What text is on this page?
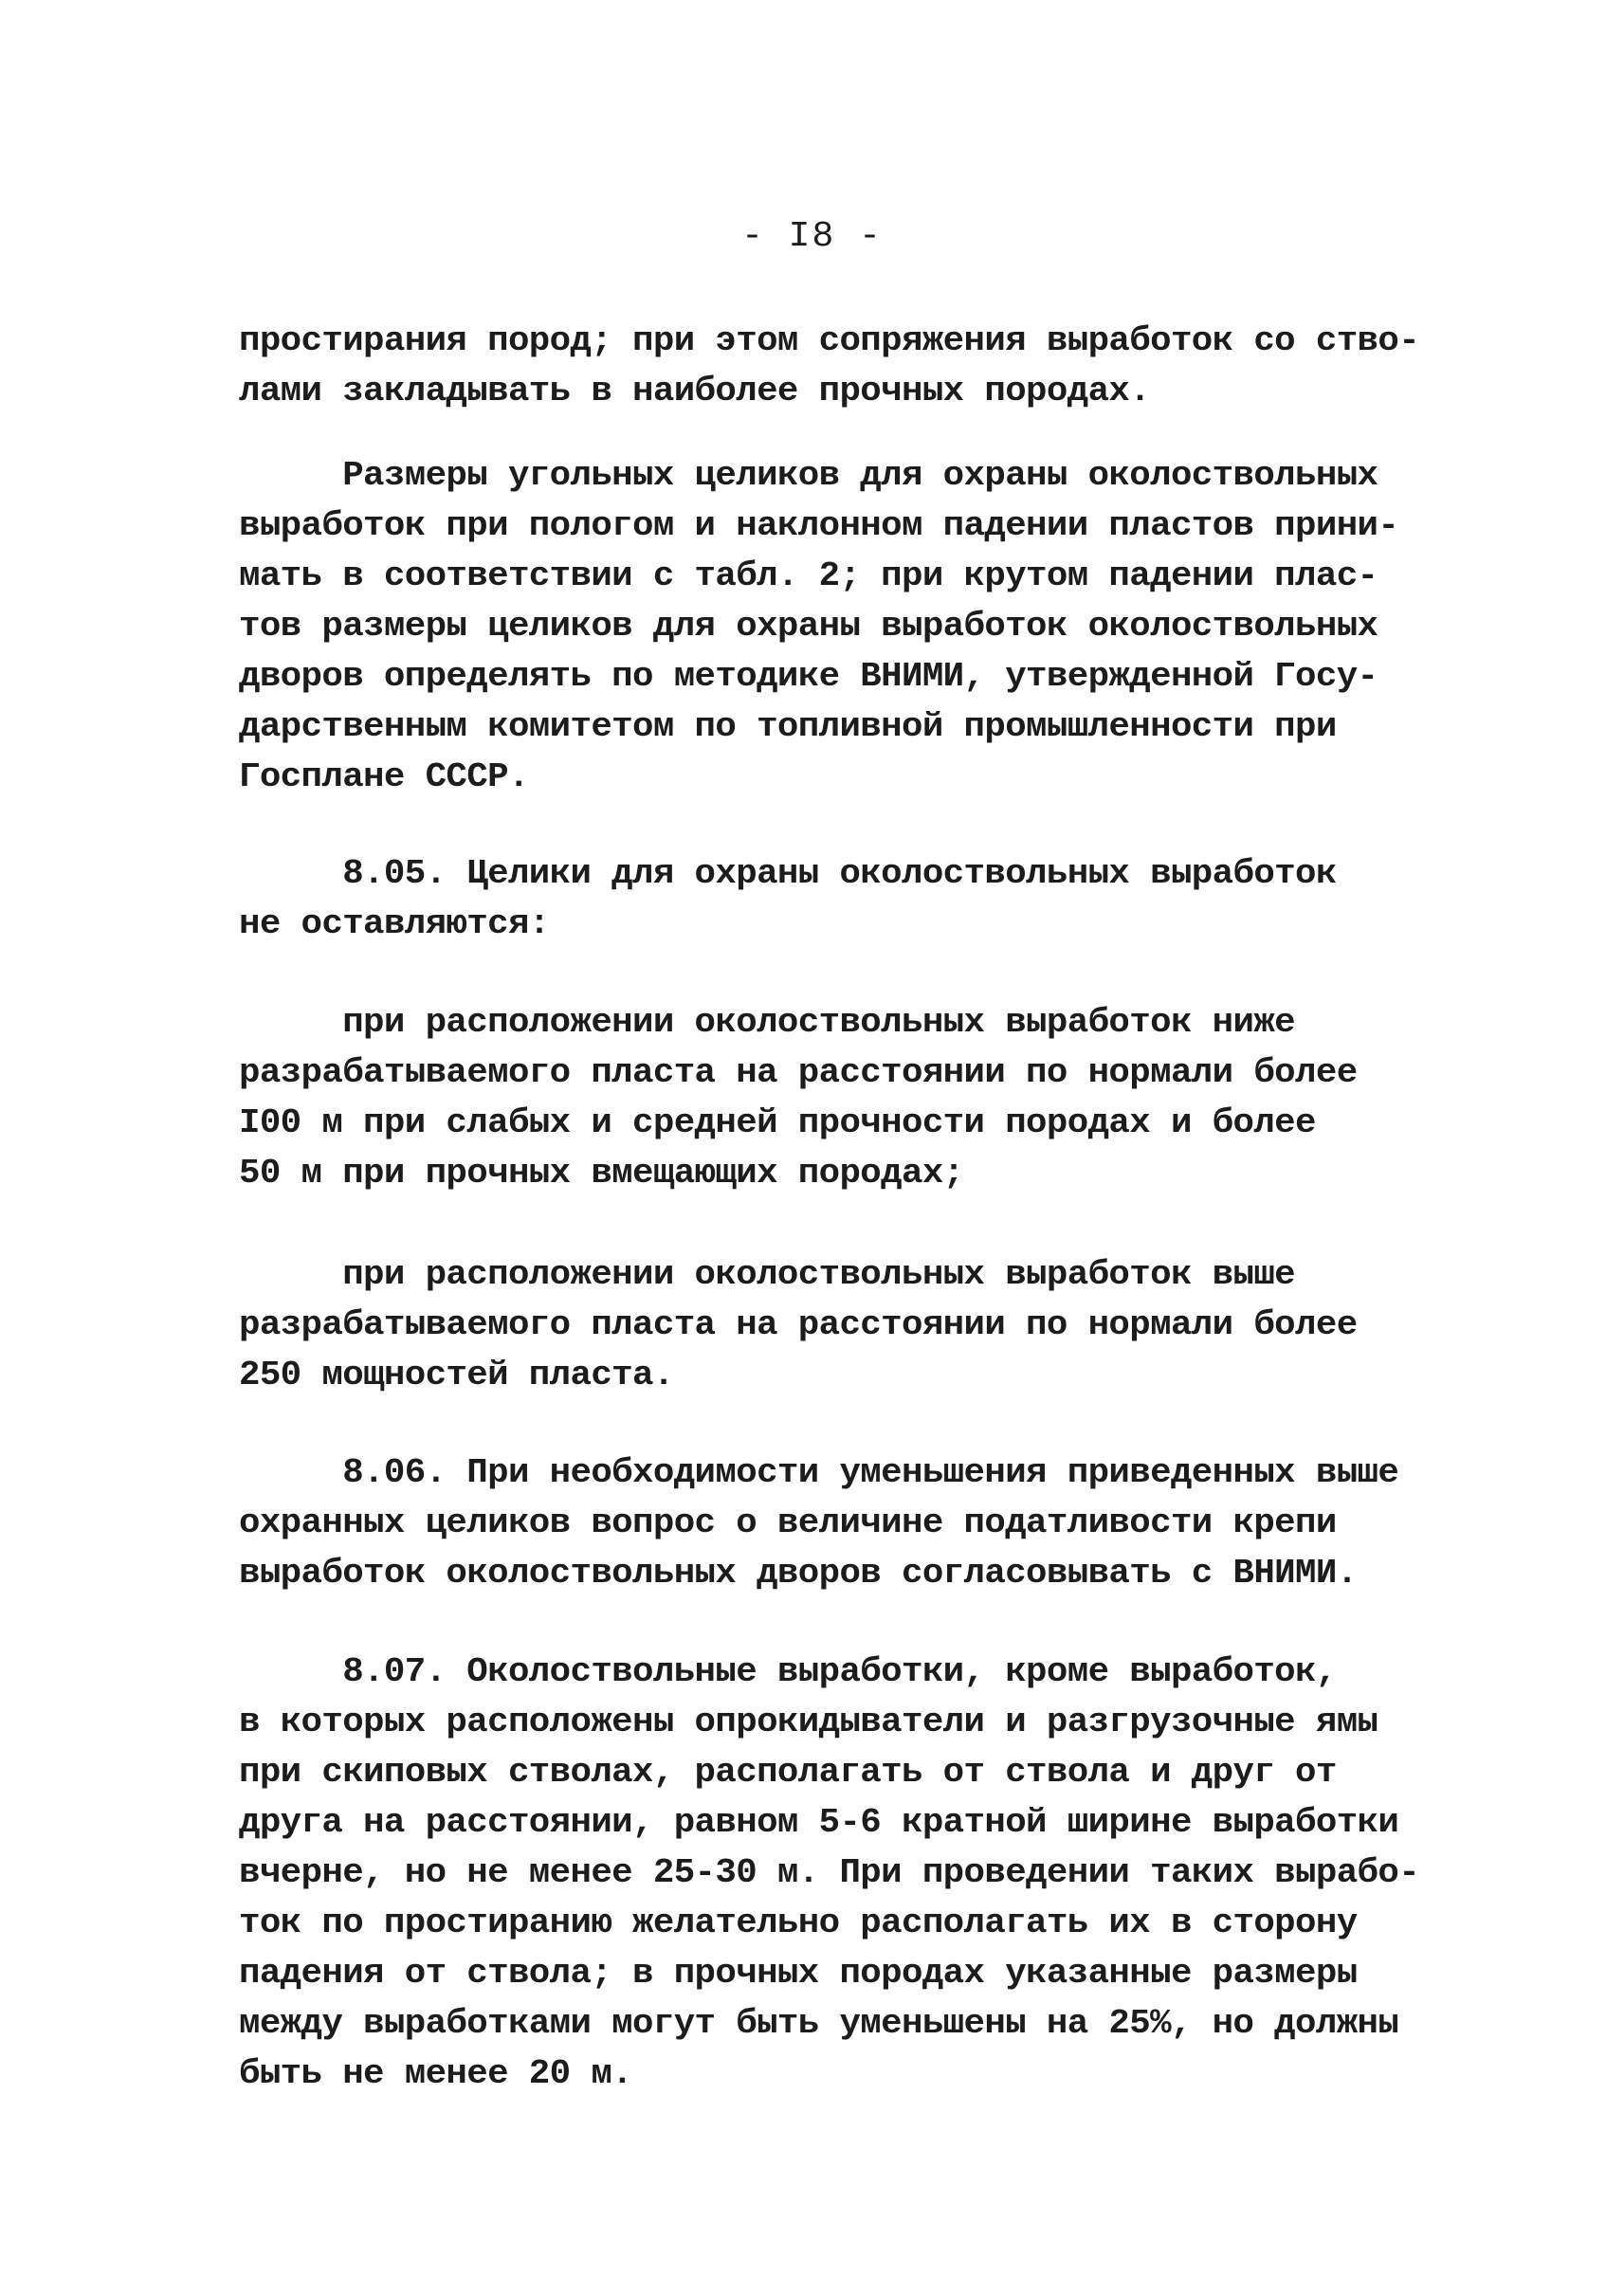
- I8 -
простирания пород; при этом сопряжения выработок со ство-
лами закладывать в наиболее прочных породах.
Размеры угольных целиков для охраны околоствольных
выработок при пологом и наклонном падении пластов прини-
мать в соответствии с табл. 2; при крутом падении плас-
тов размеры целиков для охраны выработок околоствольных
дворов определять по методике ВНИМИ, утвержденной Госу-
дарственным комитетом по топливной промышленности при
Госплане СССР.
8.05. Целики для охраны околоствольных выработок
не оставляются:
при расположении околоствольных выработок ниже
разрабатываемого пласта на расстоянии по нормали более
I00 м при слабых и средней прочности породах и более
50 м при прочных вмещающих породах;
при расположении околоствольных выработок выше
разрабатываемого пласта на расстоянии по нормали более
250 мощностей пласта.
8.06. При необходимости уменьшения приведенных выше
охранных целиков вопрос о величине податливости крепи
выработок околоствольных дворов согласовывать с ВНИМИ.
8.07. Околоствольные выработки, кроме выработок,
в которых расположены опрокидыватели и разгрузочные ямы
при скиповых стволах, располагать от ствола и друг от
друга на расстоянии, равном 5-6 кратной ширине выработки
вчерне, но не менее 25-30 м. При проведении таких вырабо-
ток по простиранию желательно располагать их в сторону
падения от ствола; в прочных породах указанные размеры
между выработками могут быть уменьшены на 25%, но должны
быть не менее 20 м.
